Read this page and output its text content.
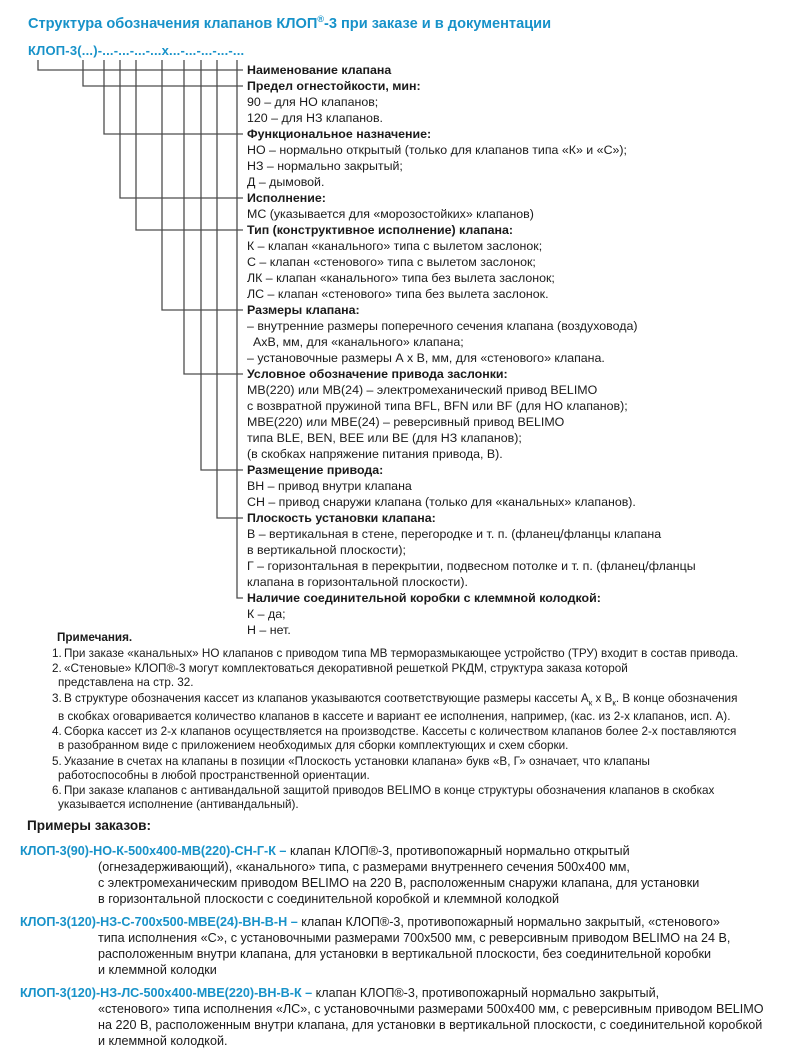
Структура обозначения клапанов КЛОП®-3 при заказе и в документации
КЛОП-3(...)-...-...-...-...х...-...-...-...-...
Наименование клапана
Предел огнестойкости, мин:
90 – для НО клапанов;
120 – для НЗ клапанов.
Функциональное назначение:
НО – нормально открытый (только для клапанов типа «К» и «С»);
НЗ – нормально закрытый;
Д – дымовой.
Исполнение:
МС (указывается для «морозостойких» клапанов)
Тип (конструктивное исполнение) клапана:
К – клапан «канального» типа с вылетом заслонок;
С – клапан «стенового» типа с вылетом заслонок;
ЛК – клапан «канального» типа без вылета заслонок;
ЛС – клапан «стенового» типа без вылета заслонок.
Размеры клапана:
– внутренние размеры поперечного сечения клапана (воздуховода)
АхВ, мм, для «канального» клапана;
– установочные размеры А х В, мм, для «стенового» клапана.
Условное обозначение привода заслонки:
МВ(220) или МВ(24) – электромеханический привод BELIMO
с возвратной пружиной типа BFL, BFN или BF (для НО клапанов);
МВЕ(220) или МВЕ(24) – реверсивный привод BELIMO
типа BLE, BEN, BEE или BE (для НЗ клапанов);
(в скобках напряжение питания привода, В).
Размещение привода:
ВН – привод внутри клапана
СН – привод снаружи клапана (только для «канальных» клапанов).
Плоскость установки клапана:
В – вертикальная в стене, перегородке и т. п. (фланец/фланцы клапана
в вертикальной плоскости);
Г – горизонтальная в перекрытии, подвесном потолке и т. п. (фланец/фланцы
клапана в горизонтальной плоскости).
Наличие соединительной коробки с клеммной колодкой:
К – да;
Н – нет.
Примечания.
1. При заказе «канальных» НО клапанов с приводом типа МВ терморазмыкающее устройство (ТРУ) входит в состав привода.
2. «Стеновые» КЛОП®-3 могут комплектоваться декоративной решеткой РКДМ, структура заказа которой
представлена на стр. 32.
3. В структуре обозначения кассет из клапанов указываются соответствующие размеры кассеты $А_к$ х $В_к$. В конце обозначения
в скобках оговаривается количество клапанов в кассете и вариант ее исполнения, например, (кас. из 2-х клапанов, исп. А).
4. Сборка кассет из 2-х клапанов осуществляется на производстве. Кассеты с количеством клапанов более 2-х поставляются
в разобранном виде с приложением необходимых для сборки комплектующих и схем сборки.
5. Указание в счетах на клапаны в позиции «Плоскость установки клапана» букв «В, Г» означает, что клапаны
работоспособны в любой пространственной ориентации.
6. При заказе клапанов с антивандальной защитой приводов BELIMO в конце структуры обозначения клапанов в скобках
указывается исполнение (антивандальный).
Примеры заказов:
КЛОП-3(90)-НО-К-500х400-МВ(220)-СН-Г-К – клапан КЛОП®-3, противопожарный нормально открытый
(огнезадерживающий), «канального» типа, с размерами внутреннего сечения 500х400 мм,
с электромеханическим приводом BELIMO на 220 В, расположенным снаружи клапана, для установки
в горизонтальной плоскости с соединительной коробкой и клеммной колодкой
КЛОП-3(120)-НЗ-С-700х500-МВЕ(24)-ВН-В-Н – клапан КЛОП®-3, противопожарный нормально закрытый, «стенового»
типа исполнения «С», с установочными размерами 700х500 мм, с реверсивным приводом BELIMO на 24 В,
расположенным внутри клапана, для установки в вертикальной плоскости, без соединительной коробки
и клеммной колодки
КЛОП-3(120)-НЗ-ЛС-500х400-МВЕ(220)-ВН-В-К – клапан КЛОП®-3, противопожарный нормально закрытый,
«стенового» типа исполнения «ЛС», с установочными размерами 500х400 мм, с реверсивным приводом BELIMO
на 220 В, расположенным внутри клапана, для установки в вертикальной плоскости, с соединительной коробкой
и клеммной колодкой.
